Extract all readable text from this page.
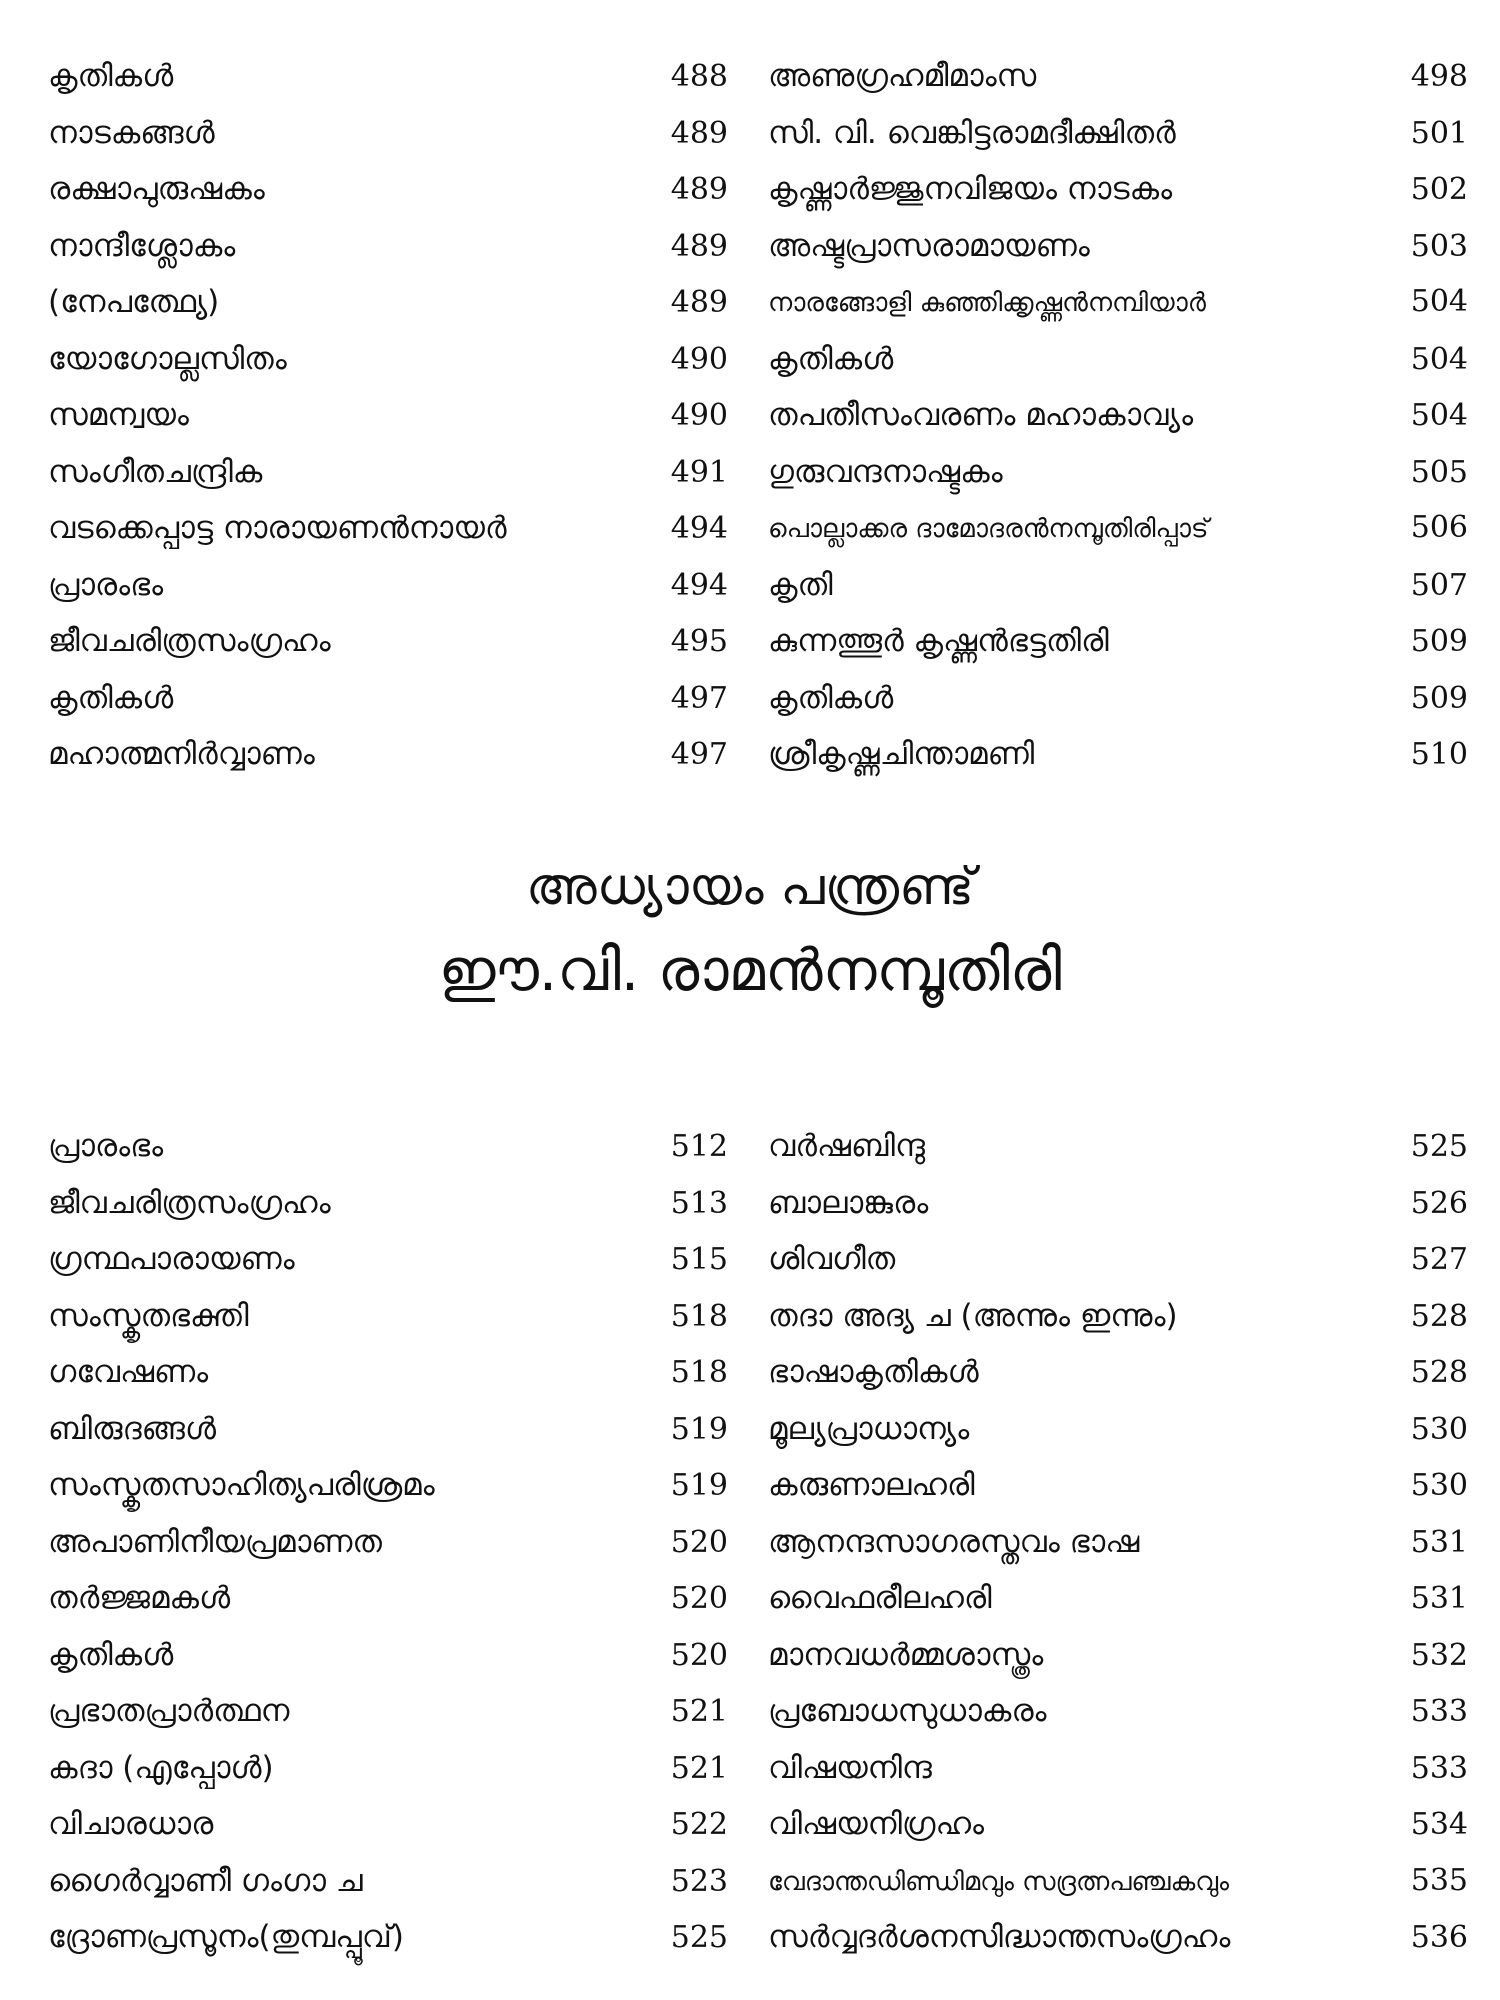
കൃതികൾ	488
നാടകങ്ങൾ	489
രക്ഷാപുരുഷകം	489
നാന്ദീശ്ലോകം	489
(നേപത്ഥ്യേ)	489
യോഗോല്ലസിതം	490
സമന്വയം	490
സംഗീതചന്ദ്രിക	491
വടക്കെപ്പാട്ട നാരായണൻനായർ	494
പ്രാരംഭം	494
ജീവചരിത്രസംഗ്രഹം	495
കൃതികൾ	497
മഹാത്മനിർവ്വാണം	497
അണുഗ്രഹമീമാംസ	498
സി. വി. വെങ്കിട്ടരാമദീക്ഷിതർ	501
കൃഷ്ണാർജ്ജുനവിജയം നാടകം	502
അഷ്ടപ്രാസരാമായണം	503
നാരങ്ങോളി കുഞ്ഞിക്കൃഷ്ണൻനമ്പിയാർ	504
കൃതികൾ	504
തപതീസംവരണം മഹാകാവ്യം	504
ഗുരുവന്ദനാഷ്ടകം	505
പൊല്ലാക്കര ദാമോദരൻനമ്പൂതിരിപ്പാട്	506
കൃതി	507
കുന്നത്തൂർ കൃഷ്ണൻഭട്ടതിരി	509
കൃതികൾ	509
ശ്രീകൃഷ്ണചിന്താമണി	510
അധ്യായം പന്ത്രണ്ട്
ഈ.വി. രാമൻനമ്പൂതിരി
പ്രാരംഭം	512
ജീവചരിത്രസംഗ്രഹം	513
ഗ്രന്ഥപാരായണം	515
സംസ്കൃതഭക്തി	518
ഗവേഷണം	518
ബിരുദങ്ങൾ	519
സംസ്കൃതസാഹിത്യപരിശ്രമം	519
അപാണിനീയപ്രമാണത	520
തർജ്ജമകൾ	520
കൃതികൾ	520
പ്രഭാതപ്രാർത്ഥന	521
കദാ (എപ്പോൾ)	521
വിചാരധാര	522
ഗൈർവ്വാണീ ഗംഗാ ച	523
ദ്രോണപ്രസൂനം(തുമ്പപ്പൂവ്)	525
വർഷബിന്ദു	525
ബാലാങ്കുരം	526
ശിവഗീത	527
തദാ അദ്യ ച (അന്നും ഇന്നും)	528
ഭാഷാകൃതികൾ	528
മൂല്യപ്രാധാന്യം	530
കരുണാലഹരി	530
ആനന്ദസാഗരസ്തവം ഭാഷ	531
വൈഫരീലഹരി	531
മാനവധർമ്മശാസ്ത്രം	532
പ്രബോധസുധാകരം	533
വിഷയനിന്ദ	533
വിഷയനിഗ്രഹം	534
വേദാന്തഡിണ്ഡിമവും സദ്രത്നപഞ്ചകവും	535
സർവ്വദർശനസിദ്ധാന്തസംഗ്രഹം	536
